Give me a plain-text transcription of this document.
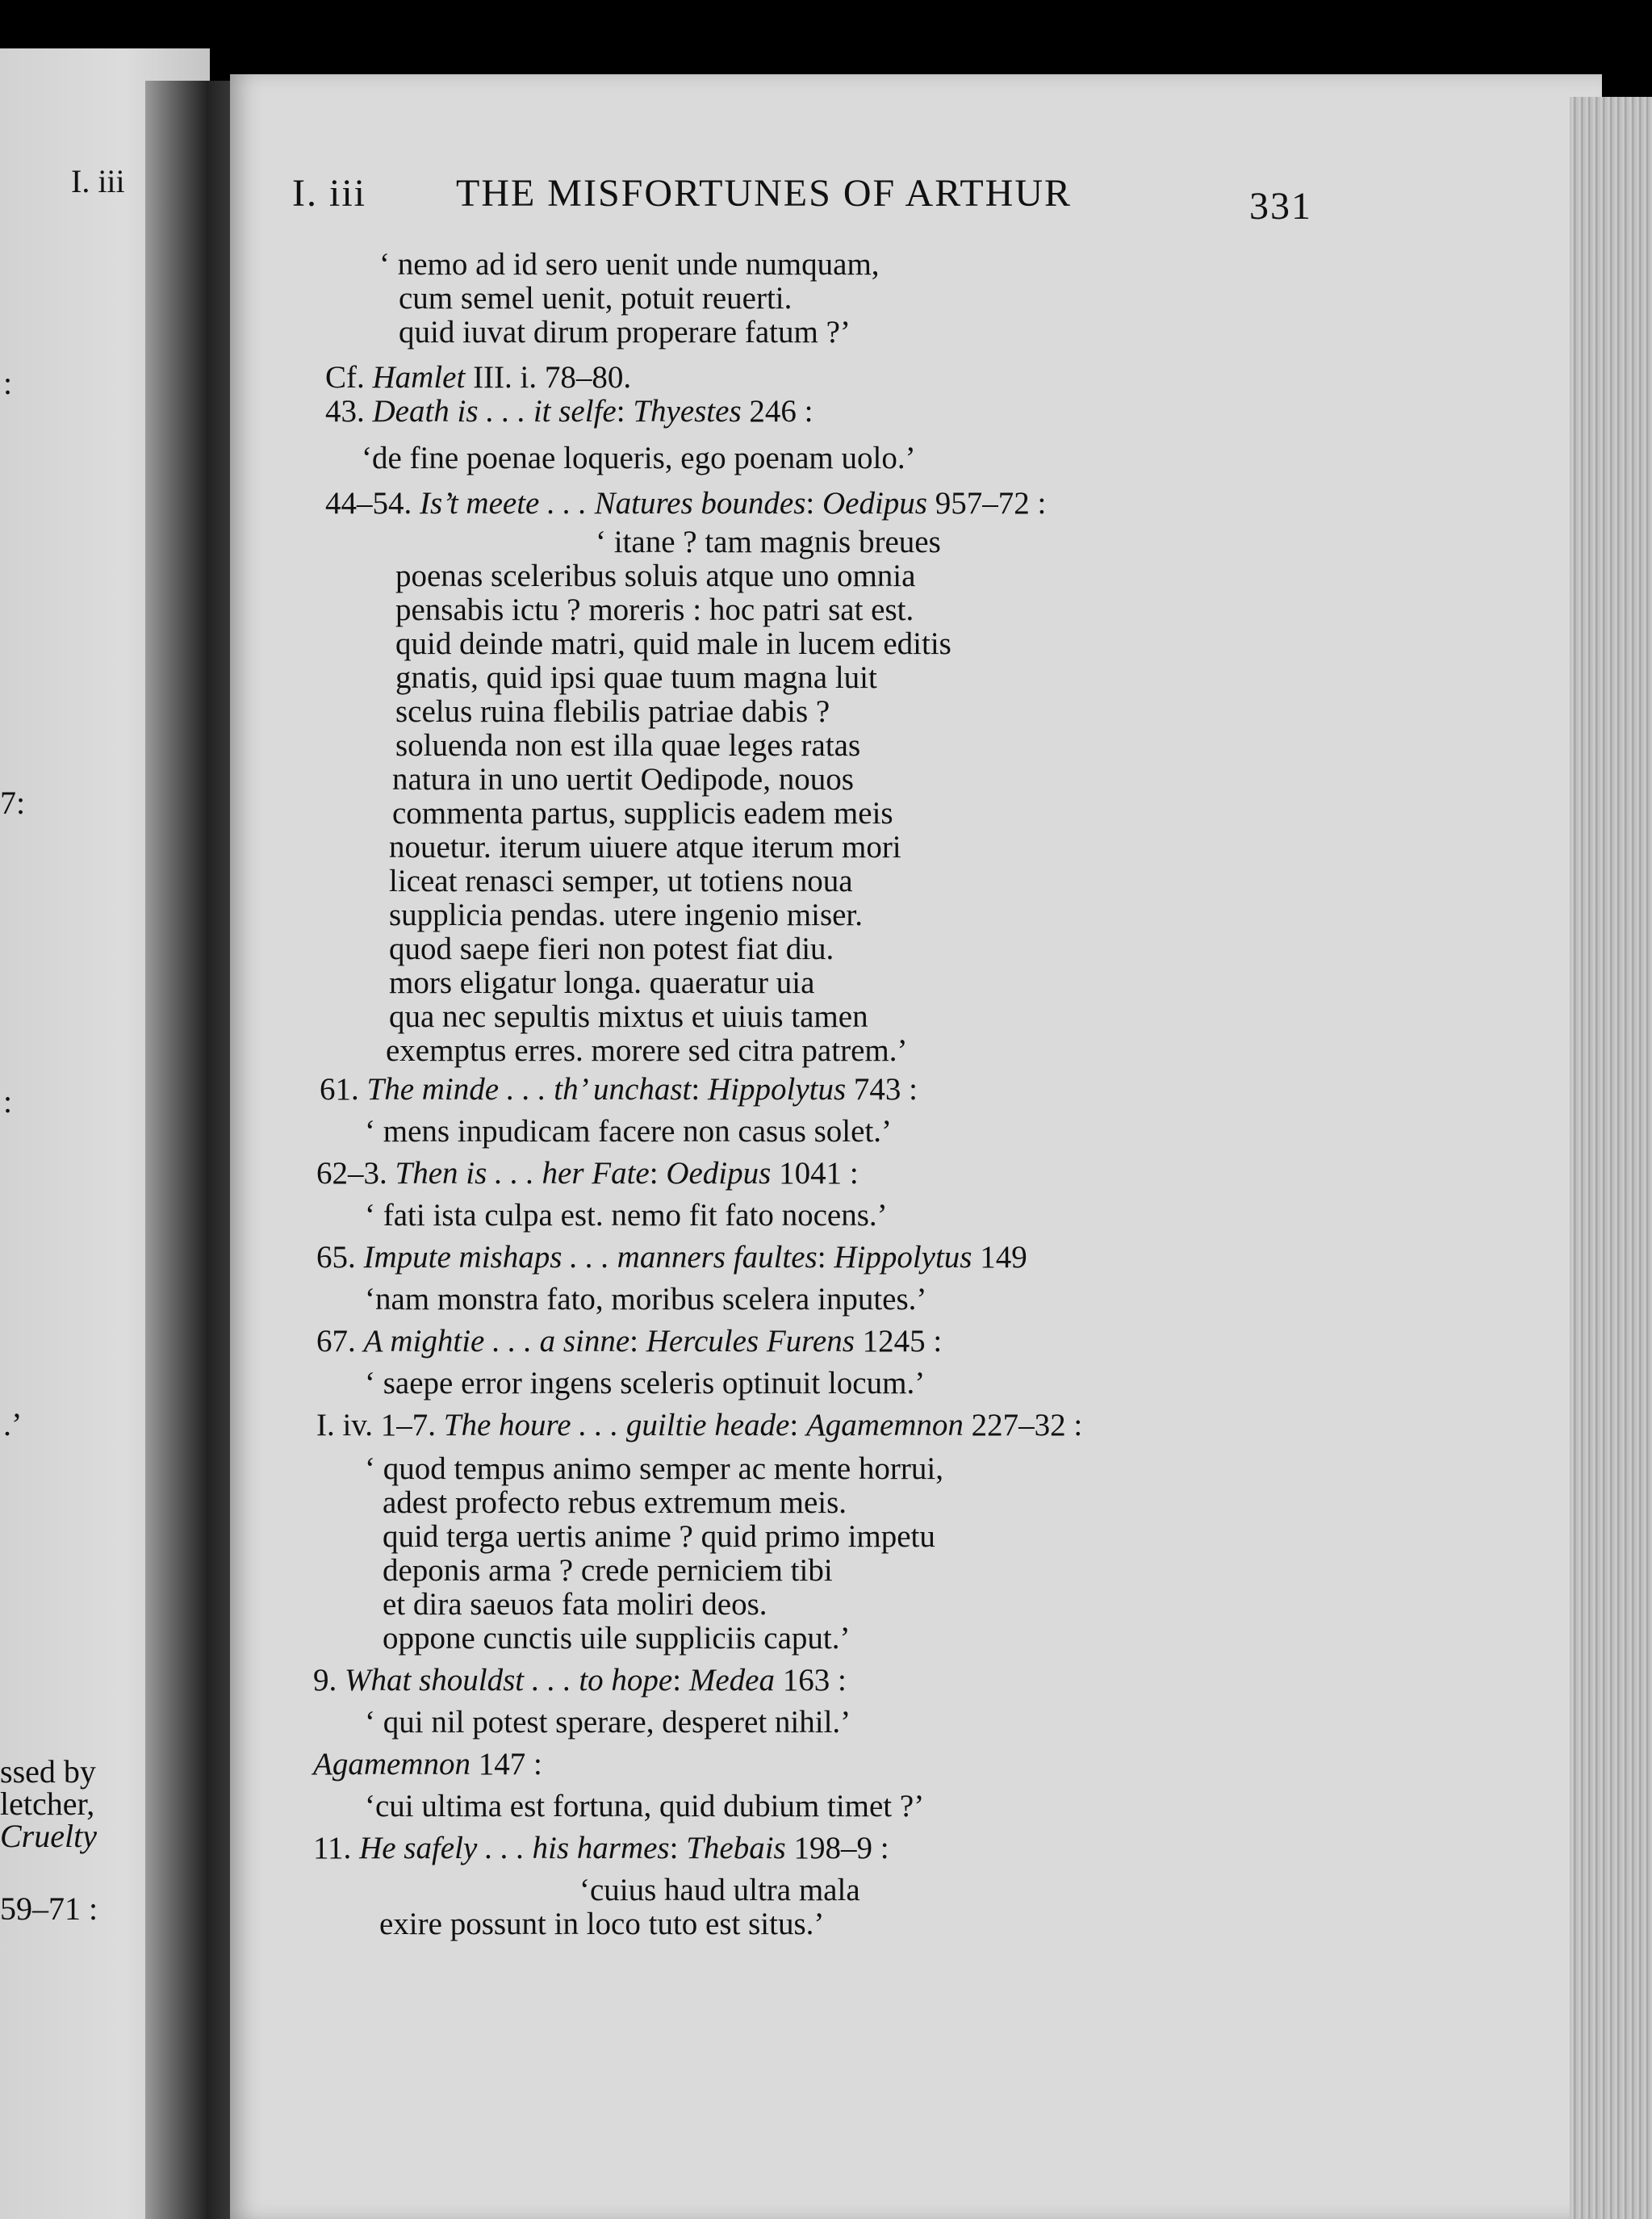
I. iii
:
7:
:
.’
ssed by
letcher,
Cruelty
59–71 :
I. iii THE MISFORTUNES OF ARTHUR	331
‘ nemo ad id sero uenit unde numquam,
cum semel uenit, potuit reuerti.
quid iuvat dirum properare fatum ?’
Cf. Hamlet III. i. 78–80.
43. Death is . . . it selfe: Thyestes 246 :
‘de fine poenae loqueris, ego poenam uolo.’
44–54. Is’t meete . . . Natures boundes: Oedipus 957–72 :
‘ itane ? tam magnis breues
poenas sceleribus soluis atque uno omnia
pensabis ictu ? moreris : hoc patri sat est.
quid deinde matri, quid male in lucem editis
gnatis, quid ipsi quae tuum magna luit
scelus ruina flebilis patriae dabis ?
soluenda non est illa quae leges ratas
natura in uno uertit Oedipode, nouos
commenta partus, supplicis eadem meis
nouetur. iterum uiuere atque iterum mori
liceat renasci semper, ut totiens noua
supplicia pendas. utere ingenio miser.
quod saepe fieri non potest fiat diu.
mors eligatur longa. quaeratur uia
qua nec sepultis mixtus et uiuis tamen
exemptus erres. morere sed citra patrem.’
61. The minde . . . th’ unchast: Hippolytus 743 :
‘ mens inpudicam facere non casus solet.’
62–3. Then is . . . her Fate: Oedipus 1041 :
‘ fati ista culpa est. nemo fit fato nocens.’
65. Impute mishaps . . . manners faultes: Hippolytus 149
‘nam monstra fato, moribus scelera inputes.’
67. A mightie . . . a sinne: Hercules Furens 1245 :
‘ saepe error ingens sceleris optinuit locum.’
I. iv. 1–7. The houre . . . guiltie heade: Agamemnon 227–32 :
‘ quod tempus animo semper ac mente horrui,
adest profecto rebus extremum meis.
quid terga uertis anime ? quid primo impetu
deponis arma ? crede perniciem tibi
et dira saeuos fata moliri deos.
oppone cunctis uile suppliciis caput.’
9. What shouldst . . . to hope: Medea 163 :
‘ qui nil potest sperare, desperet nihil.’
Agamemnon 147 :
‘cui ultima est fortuna, quid dubium timet ?’
11. He safely . . . his harmes: Thebais 198–9 :
‘cuius haud ultra mala
exire possunt in loco tuto est situs.’
